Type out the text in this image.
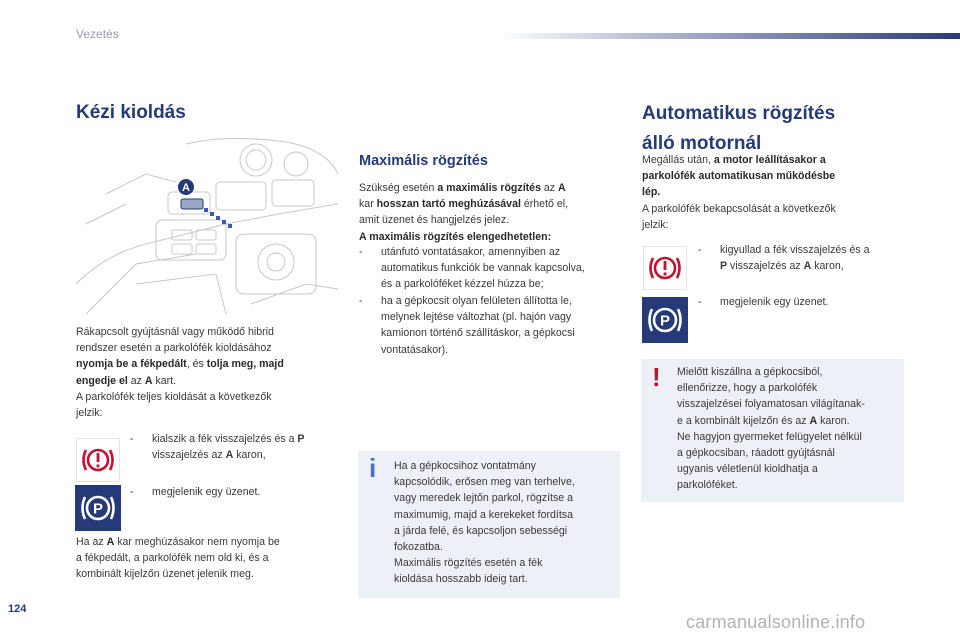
Vezetés
Kézi kioldás
A
Rákapcsolt gyújtásnál vagy működő hibrid
rendszer esetén a parkolófék kioldásához
nyomja be a fékpedált, és tolja meg, majd
engedje el az A kart.
A parkolófék teljes kioldását a következők
jelzik:
- kialszik a fék visszajelzés és a P
visszajelzés az A karon,
P
- megjelenik egy üzenet.
Ha az A kar meghúzásakor nem nyomja be
a fékpedált, a parkolófék nem old ki, és a
kombinált kijelzőn üzenet jelenik meg.
Maximális rögzítés
Szükség esetén a maximális rögzítés az A
kar hosszan tartó meghúzásával érhető el,
amit üzenet és hangjelzés jelez.
A maximális rögzítés elengedhetetlen:
- utánfutó vontatásakor, amennyiben az
automatikus funkciók be vannak kapcsolva,
és a parkolóféket kézzel húzza be;
- ha a gépkocsit olyan felületen állította le,
melynek lejtése változhat (pl. hajón vagy
kamionon történő szállításkor, a gépkocsi
vontatásakor).
i Ha a gépkocsihoz vontatmány
kapcsolódik, erősen meg van terhelve,
vagy meredek lejtőn parkol, rögzítse a
maximumig, majd a kerekeket fordítsa
a járda felé, és kapcsoljon sebességi
fokozatba.
Maximális rögzítés esetén a fék
kioldása hosszabb ideig tart.
Automatikus rögzítés
álló motornál
Megállás után, a motor leállításakor a
parkolófék automatikusan működésbe
lép.
A parkolófék bekapcsolását a következők
jelzik:
- kigyullad a fék visszajelzés és a
P visszajelzés az A karon,
P
- megjelenik egy üzenet.
! Mielőtt kiszállna a gépkocsiból,
ellenőrizze, hogy a parkolófék
visszajelzései folyamatosan világítanak-
e a kombinált kijelzőn és az A karon.
Ne hagyjon gyermeket felügyelet nélkül
a gépkocsiban, ráadott gyújtásnál
ugyanis véletlenül kioldhatja a
parkolóféket.
124
carmanualsonline.info
